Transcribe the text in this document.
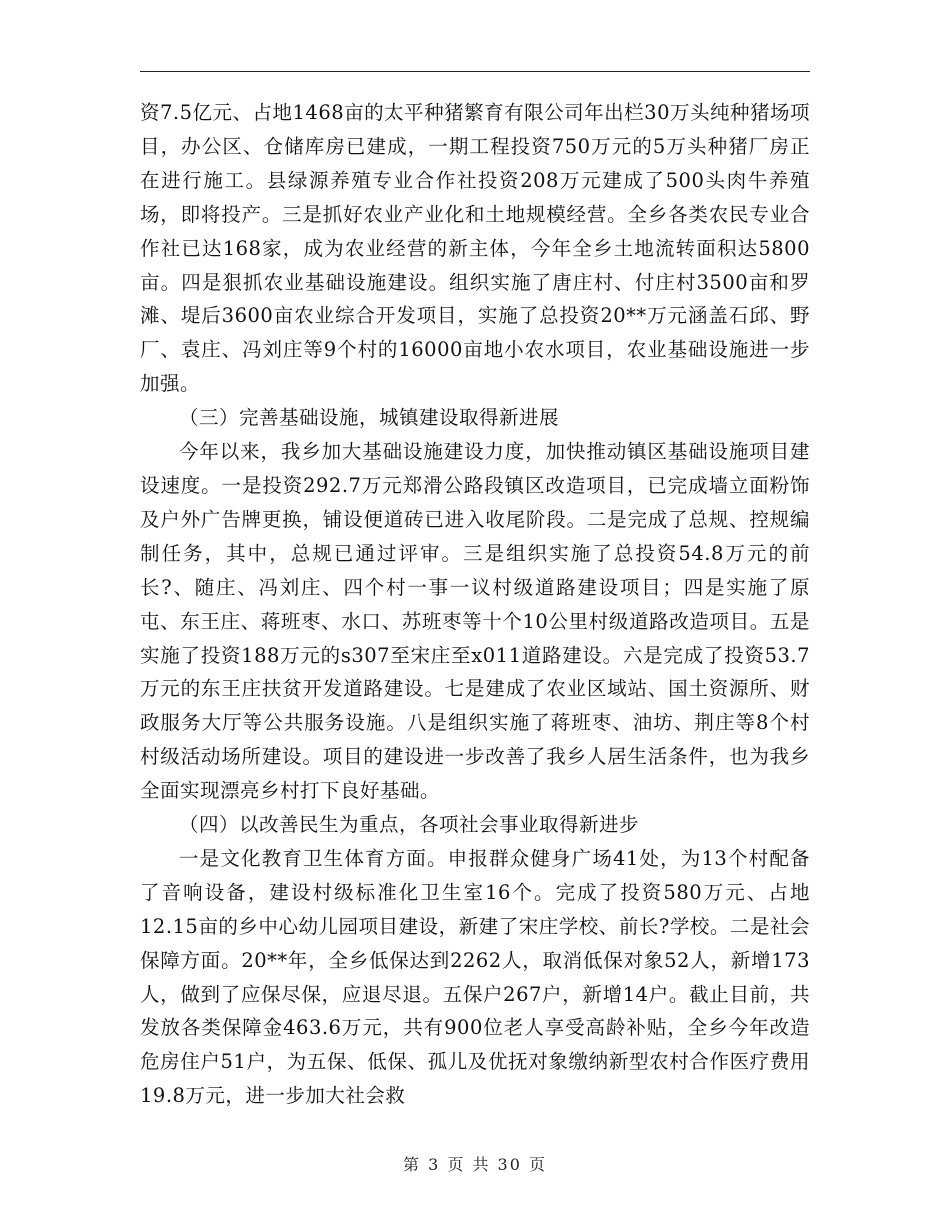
资7.5亿元、占地1468亩的太平种猪繁育有限公司年出栏30万头纯种猪场项目，办公区、仓储库房已建成，一期工程投资750万元的5万头种猪厂房正在进行施工。县绿源养殖专业合作社投资208万元建成了500头肉牛养殖场，即将投产。三是抓好农业产业化和土地规模经营。全乡各类农民专业合作社已达168家，成为农业经营的新主体，今年全乡土地流转面积达5800亩。四是狠抓农业基础设施建设。组织实施了唐庄村、付庄村3500亩和罗滩、堤后3600亩农业综合开发项目，实施了总投资20**万元涵盖石邱、野厂、袁庄、冯刘庄等9个村的16000亩地小农水项目，农业基础设施进一步加强。

（三）完善基础设施，城镇建设取得新进展

今年以来，我乡加大基础设施建设力度，加快推动镇区基础设施项目建设速度。一是投资292.7万元郑滑公路段镇区改造项目，已完成墙立面粉饰及户外广告牌更换，铺设便道砖已进入收尾阶段。二是完成了总规、控规编制任务，其中，总规已通过评审。三是组织实施了总投资54.8万元的前长?、随庄、冯刘庄、四个村一事一议村级道路建设项目；四是实施了原屯、东王庄、蒋班枣、水口、苏班枣等十个10公里村级道路改造项目。五是实施了投资188万元的s307至宋庄至x011道路建设。六是完成了投资53.7万元的东王庄扶贫开发道路建设。七是建成了农业区域站、国土资源所、财政服务大厅等公共服务设施。八是组织实施了蒋班枣、油坊、荆庄等8个村村级活动场所建设。项目的建设进一步改善了我乡人居生活条件，也为我乡全面实现漂亮乡村打下良好基础。

（四）以改善民生为重点，各项社会事业取得新进步

一是文化教育卫生体育方面。申报群众健身广场41处，为13个村配备了音响设备，建设村级标准化卫生室16个。完成了投资580万元、占地12.15亩的乡中心幼儿园项目建设，新建了宋庄学校、前长?学校。二是社会保障方面。20**年，全乡低保达到2262人，取消低保对象52人，新增173人，做到了应保尽保，应退尽退。五保户267户，新增14户。截止目前，共发放各类保障金463.6万元，共有900位老人享受高龄补贴，全乡今年改造危房住户51户，为五保、低保、孤儿及优抚对象缴纳新型农村合作医疗费用19.8万元，进一步加大社会救

第 3 页 共 30 页
